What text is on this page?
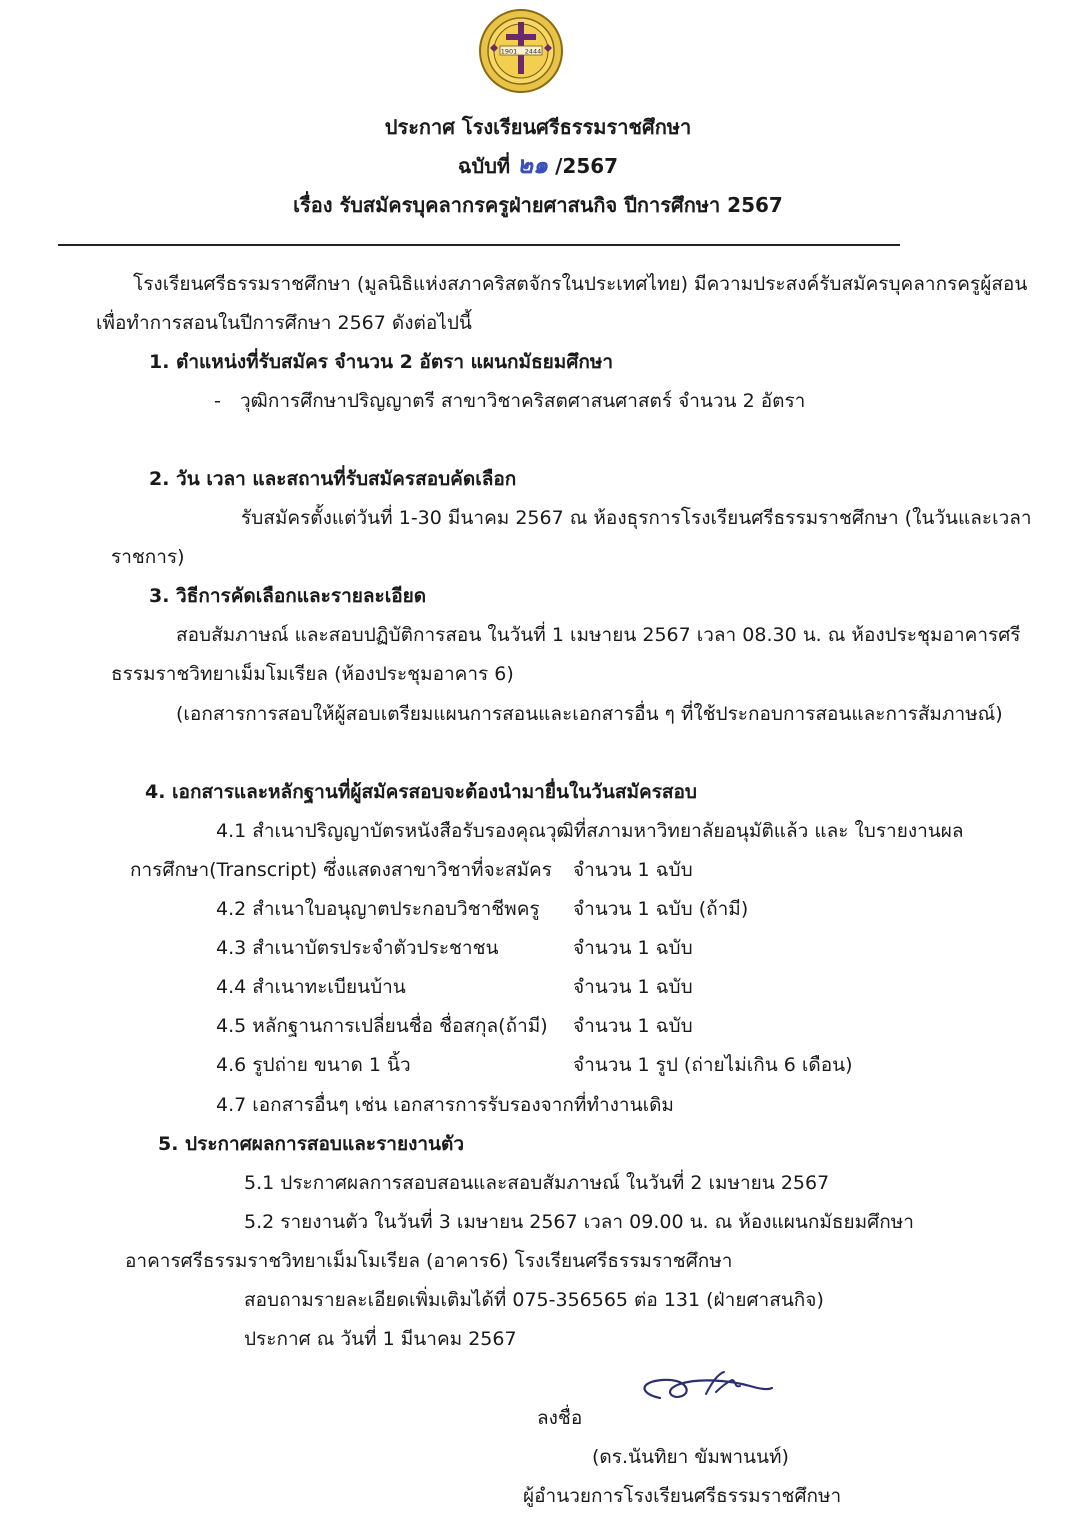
1901 2444
ประกาศ โรงเรียนศรีธรรมราชศึกษา
ฉบับที่ ๒๑ /2567
เรื่อง รับสมัครบุคลากรครูฝ่ายศาสนกิจ ปีการศึกษา 2567
โรงเรียนศรีธรรมราชศึกษา (มูลนิธิแห่งสภาคริสตจักรในประเทศไทย) มีความประสงค์รับสมัครบุคลากรครูผู้สอน
เพื่อทำการสอนในปีการศึกษา 2567 ดังต่อไปนี้
1. ตำแหน่งที่รับสมัคร จำนวน 2 อัตรา แผนกมัธยมศึกษา
- วุฒิการศึกษาปริญญาตรี สาขาวิชาคริสตศาสนศาสตร์ จำนวน 2 อัตรา
2. วัน เวลา และสถานที่รับสมัครสอบคัดเลือก
รับสมัครตั้งแต่วันที่ 1-30 มีนาคม 2567 ณ ห้องธุรการโรงเรียนศรีธรรมราชศึกษา (ในวันและเวลา
ราชการ)
3. วิธีการคัดเลือกและรายละเอียด
สอบสัมภาษณ์ และสอบปฏิบัติการสอน ในวันที่ 1 เมษายน 2567 เวลา 08.30 น. ณ ห้องประชุมอาคารศรี
ธรรมราชวิทยาเม็มโมเรียล (ห้องประชุมอาคาร 6)
(เอกสารการสอบให้ผู้สอบเตรียมแผนการสอนและเอกสารอื่น ๆ ที่ใช้ประกอบการสอนและการสัมภาษณ์)
4. เอกสารและหลักฐานที่ผู้สมัครสอบจะต้องนำมายื่นในวันสมัครสอบ
4.1 สำเนาปริญญาบัตรหนังสือรับรองคุณวุฒิที่สภามหาวิทยาลัยอนุมัติแล้ว และ ใบรายงานผล
การศึกษา(Transcript) ซึ่งแสดงสาขาวิชาที่จะสมัคร จำนวน 1 ฉบับ
4.2 สำเนาใบอนุญาตประกอบวิชาชีพครู จำนวน 1 ฉบับ (ถ้ามี)
4.3 สำเนาบัตรประจำตัวประชาชน	จำนวน 1 ฉบับ
4.4 สำเนาทะเบียนบ้าน	จำนวน 1 ฉบับ
4.5 หลักฐานการเปลี่ยนชื่อ ชื่อสกุล(ถ้ามี) จำนวน 1 ฉบับ
4.6 รูปถ่าย ขนาด 1 นิ้ว	จำนวน 1 รูป (ถ่ายไม่เกิน 6 เดือน)
4.7 เอกสารอื่นๆ เช่น เอกสารการรับรองจากที่ทำงานเดิม
5. ประกาศผลการสอบและรายงานตัว
5.1 ประกาศผลการสอบสอนและสอบสัมภาษณ์ ในวันที่ 2 เมษายน 2567
5.2 รายงานตัว ในวันที่ 3 เมษายน 2567 เวลา 09.00 น. ณ ห้องแผนกมัธยมศึกษา
อาคารศรีธรรมราชวิทยาเม็มโมเรียล (อาคาร6) โรงเรียนศรีธรรมราชศึกษา
สอบถามรายละเอียดเพิ่มเติมได้ที่ 075-356565 ต่อ 131 (ฝ่ายศาสนกิจ)
ประกาศ ณ วันที่ 1 มีนาคม 2567
ลงชื่อ
(ดร.นันทิยา ขัมพานนท์)
ผู้อำนวยการโรงเรียนศรีธรรมราชศึกษา
